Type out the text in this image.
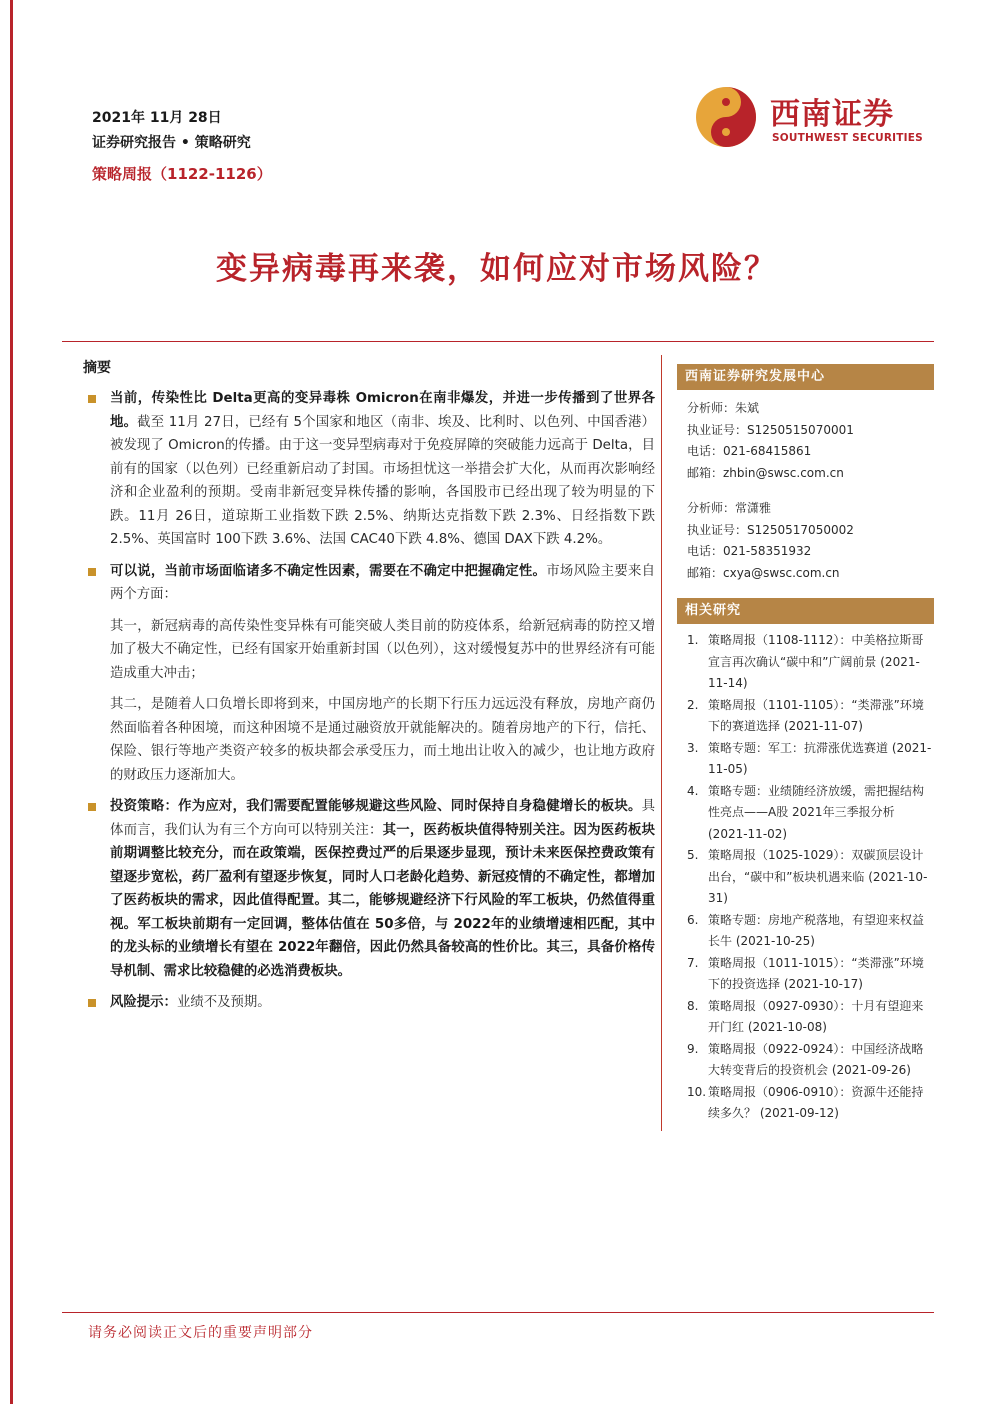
2021年 11月 28日
证券研究报告 • 策略研究
策略周报（1122-1126）
西南证券
SOUTHWEST SECURITIES
变异病毒再来袭，如何应对市场风险？
摘要
当前，传染性比 Delta更高的变异毒株 Omicron在南非爆发，并进一步传播到了世界各地。截至 11月 27日，已经有 5个国家和地区（南非、埃及、比利时、以色列、中国香港）被发现了 Omicron的传播。由于这一变异型病毒对于免疫屏障的突破能力远高于 Delta，目前有的国家（以色列）已经重新启动了封国。市场担忧这一举措会扩大化，从而再次影响经济和企业盈利的预期。受南非新冠变异株传播的影响，各国股市已经出现了较为明显的下跌。11月 26日，道琼斯工业指数下跌 2.5%、纳斯达克指数下跌 2.3%、日经指数下跌 2.5%、英国富时 100下跌 3.6%、法国 CAC40下跌 4.8%、德国 DAX下跌 4.2%。
可以说，当前市场面临诸多不确定性因素，需要在不确定中把握确定性。市场风险主要来自两个方面：
其一，新冠病毒的高传染性变异株有可能突破人类目前的防疫体系，给新冠病毒的防控又增加了极大不确定性，已经有国家开始重新封国（以色列），这对缓慢复苏中的世界经济有可能造成重大冲击；
其二，是随着人口负增长即将到来，中国房地产的长期下行压力远远没有释放，房地产商仍然面临着各种困境，而这种困境不是通过融资放开就能解决的。随着房地产的下行，信托、保险、银行等地产类资产较多的板块都会承受压力，而土地出让收入的减少，也让地方政府的财政压力逐渐加大。
投资策略：作为应对，我们需要配置能够规避这些风险、同时保持自身稳健增长的板块。具体而言，我们认为有三个方向可以特别关注：其一，医药板块值得特别关注。因为医药板块前期调整比较充分，而在政策端，医保控费过严的后果逐步显现，预计未来医保控费政策有望逐步宽松，药厂盈利有望逐步恢复，同时人口老龄化趋势、新冠疫情的不确定性，都增加了医药板块的需求，因此值得配置。其二，能够规避经济下行风险的军工板块，仍然值得重视。军工板块前期有一定回调，整体估值在 50多倍，与 2022年的业绩增速相匹配，其中的龙头标的业绩增长有望在 2022年翻倍，因此仍然具备较高的性价比。其三，具备价格传导机制、需求比较稳健的必选消费板块。
风险提示：业绩不及预期。
西南证券研究发展中心
分析师：朱斌
执业证号：S1250515070001
电话：021-68415861
邮箱：zhbin@swsc.com.cn
分析师：常潇雅
执业证号：S1250517050002
电话：021-58351932
邮箱：cxya@swsc.com.cn
相关研究
1. 策略周报（1108-1112）：中美格拉斯哥宣言再次确认“碳中和”广阔前景 (2021-11-14)
2. 策略周报（1101-1105）：“类滞涨”环境下的赛道选择 (2021-11-07)
3. 策略专题：军工：抗滞涨优选赛道 (2021-11-05)
4. 策略专题：业绩随经济放缓，需把握结构性亮点——A股 2021年三季报分析 (2021-11-02)
5. 策略周报（1025-1029）：双碳顶层设计出台，“碳中和”板块机遇来临 (2021-10-31)
6. 策略专题：房地产税落地，有望迎来权益长牛 (2021-10-25)
7. 策略周报（1011-1015）：“类滞涨”环境下的投资选择 (2021-10-17)
8. 策略周报（0927-0930）：十月有望迎来开门红 (2021-10-08)
9. 策略周报（0922-0924）：中国经济战略大转变背后的投资机会 (2021-09-26)
10. 策略周报（0906-0910）：资源牛还能持续多久？ (2021-09-12)
请务必阅读正文后的重要声明部分
